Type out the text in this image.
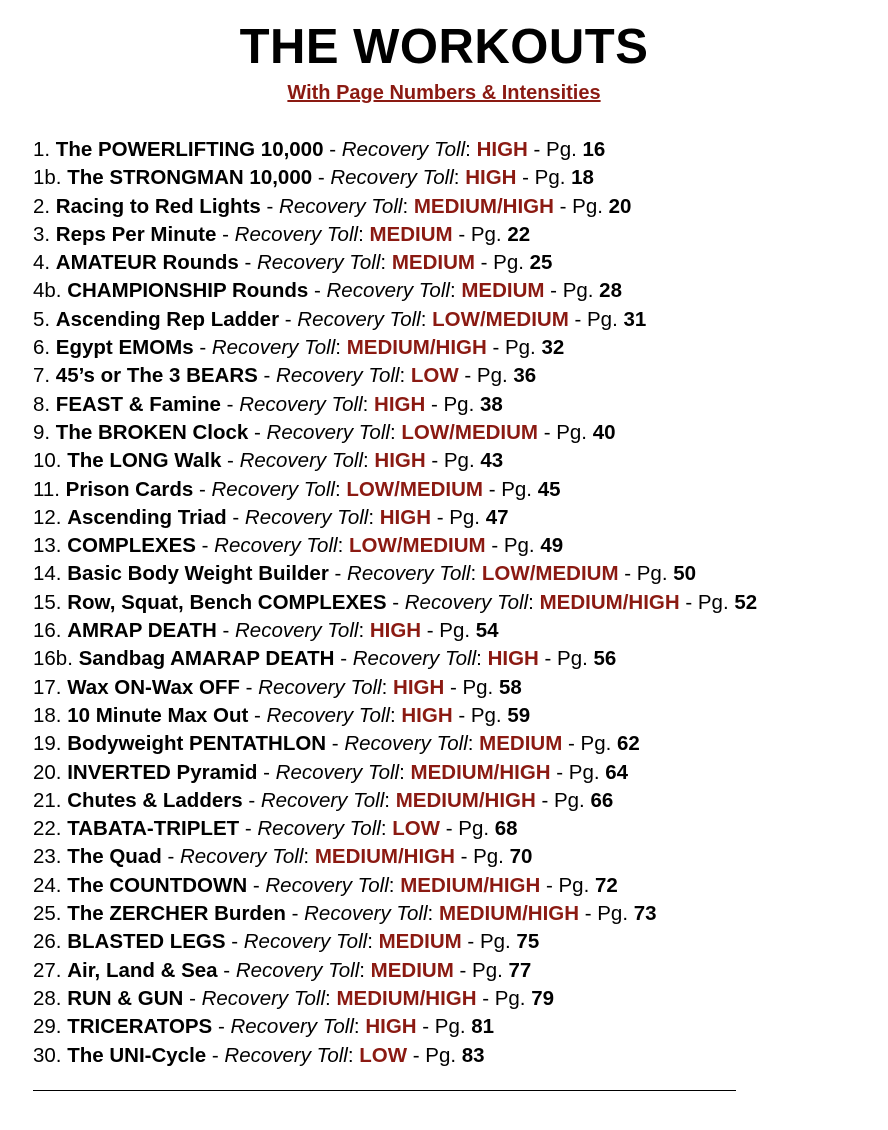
THE WORKOUTS
With Page Numbers & Intensities
1. The POWERLIFTING 10,000 - Recovery Toll: HIGH - Pg. 16
1b. The STRONGMAN 10,000 - Recovery Toll: HIGH - Pg. 18
2. Racing to Red Lights - Recovery Toll: MEDIUM/HIGH - Pg. 20
3. Reps Per Minute - Recovery Toll: MEDIUM - Pg. 22
4. AMATEUR Rounds - Recovery Toll: MEDIUM - Pg. 25
4b. CHAMPIONSHIP Rounds - Recovery Toll: MEDIUM - Pg. 28
5. Ascending Rep Ladder - Recovery Toll: LOW/MEDIUM - Pg. 31
6. Egypt EMOMs - Recovery Toll: MEDIUM/HIGH - Pg. 32
7. 45’s or The 3 BEARS - Recovery Toll: LOW - Pg. 36
8. FEAST & Famine - Recovery Toll: HIGH - Pg. 38
9. The BROKEN Clock - Recovery Toll: LOW/MEDIUM - Pg. 40
10. The LONG Walk - Recovery Toll: HIGH - Pg. 43
11. Prison Cards - Recovery Toll: LOW/MEDIUM - Pg. 45
12. Ascending Triad - Recovery Toll: HIGH - Pg. 47
13. COMPLEXES - Recovery Toll: LOW/MEDIUM - Pg. 49
14. Basic Body Weight Builder - Recovery Toll: LOW/MEDIUM - Pg. 50
15. Row, Squat, Bench COMPLEXES - Recovery Toll: MEDIUM/HIGH - Pg. 52
16. AMRAP DEATH - Recovery Toll: HIGH - Pg. 54
16b. Sandbag AMARAP DEATH - Recovery Toll: HIGH - Pg. 56
17. Wax ON-Wax OFF - Recovery Toll: HIGH - Pg. 58
18. 10 Minute Max Out - Recovery Toll: HIGH - Pg. 59
19. Bodyweight PENTATHLON - Recovery Toll: MEDIUM - Pg. 62
20. INVERTED Pyramid - Recovery Toll: MEDIUM/HIGH - Pg. 64
21. Chutes & Ladders - Recovery Toll: MEDIUM/HIGH - Pg. 66
22. TABATA-TRIPLET - Recovery Toll: LOW - Pg. 68
23. The Quad - Recovery Toll: MEDIUM/HIGH - Pg. 70
24. The COUNTDOWN - Recovery Toll: MEDIUM/HIGH - Pg. 72
25. The ZERCHER Burden - Recovery Toll: MEDIUM/HIGH - Pg. 73
26. BLASTED LEGS - Recovery Toll: MEDIUM - Pg. 75
27. Air, Land & Sea - Recovery Toll: MEDIUM - Pg. 77
28. RUN & GUN - Recovery Toll: MEDIUM/HIGH - Pg. 79
29. TRICERATOPS - Recovery Toll: HIGH - Pg. 81
30. The UNI-Cycle - Recovery Toll: LOW - Pg. 83
